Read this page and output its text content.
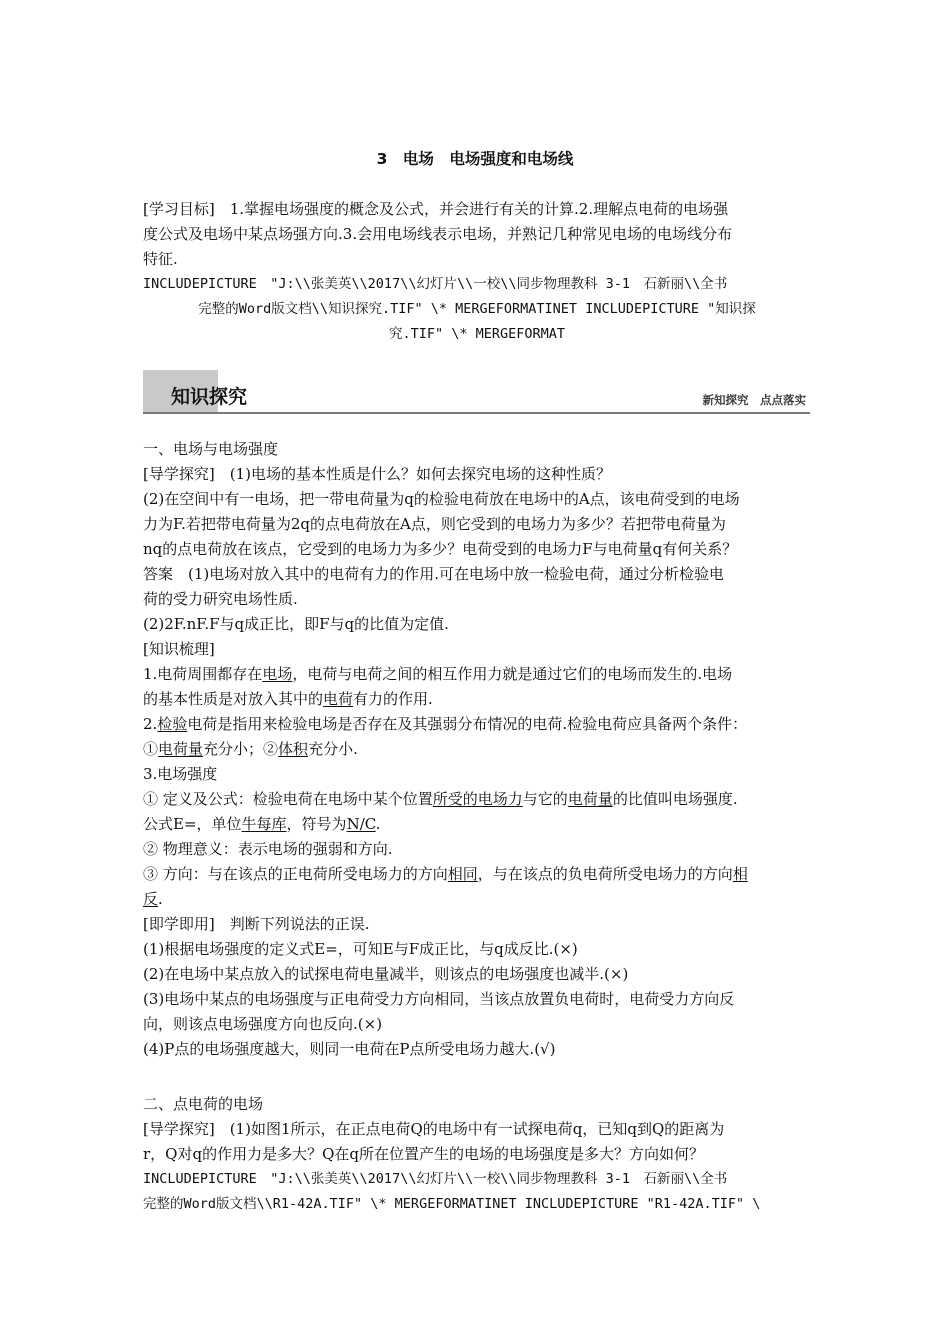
3　电场　电场强度和电场线
[学习目标]　1.掌握电场强度的概念及公式，并会进行有关的计算.2.理解点电荷的电场强
度公式及电场中某点场强方向.3.会用电场线表示电场，并熟记几种常见电场的电场线分布
特征.
INCLUDEPICTURE　"J:\\张美英\\2017\\幻灯片\\一校\\同步物理教科 3-1　石新丽\\全书
完整的Word版文档\\知识探究.TIF" \* MERGEFORMATINET INCLUDEPICTURE "知识探
究.TIF" \* MERGEFORMAT
知识探究	新知探究　点点落实
一、电场与电场强度
[导学探究]　(1)电场的基本性质是什么？如何去探究电场的这种性质？
(2)在空间中有一电场，把一带电荷量为q的检验电荷放在电场中的A点，该电荷受到的电场
力为F.若把带电荷量为2q的点电荷放在A点，则它受到的电场力为多少？若把带电荷量为
nq的点电荷放在该点，它受到的电场力为多少？电荷受到的电场力F与电荷量q有何关系？
答案　(1)电场对放入其中的电荷有力的作用.可在电场中放一检验电荷，通过分析检验电
荷的受力研究电场性质.
(2)2F.nF.F与q成正比，即F与q的比值为定值.
[知识梳理]
1.电荷周围都存在电场，电荷与电荷之间的相互作用力就是通过它们的电场而发生的.电场
的基本性质是对放入其中的电荷有力的作用.
2.检验电荷是指用来检验电场是否存在及其强弱分布情况的电荷.检验电荷应具备两个条件：
①电荷量充分小；②体积充分小.
3.电场强度
① 定义及公式：检验电荷在电场中某个位置所受的电场力与它的电荷量的比值叫电场强度.
公式E=，单位牛每库，符号为N/C.
② 物理意义：表示电场的强弱和方向.
③ 方向：与在该点的正电荷所受电场力的方向相同，与在该点的负电荷所受电场力的方向相
反.
[即学即用]　判断下列说法的正误.
(1)根据电场强度的定义式E=，可知E与F成正比，与q成反比.(×)
(2)在电场中某点放入的试探电荷电量减半，则该点的电场强度也减半.(×)
(3)电场中某点的电场强度与正电荷受力方向相同，当该点放置负电荷时，电荷受力方向反
向，则该点电场强度方向也反向.(×)
(4)P点的电场强度越大，则同一电荷在P点所受电场力越大.(√)
二、点电荷的电场
[导学探究]　(1)如图1所示，在正点电荷Q的电场中有一试探电荷q，已知q到Q的距离为
r，Q对q的作用力是多大？Q在q所在位置产生的电场的电场强度是多大？方向如何？
INCLUDEPICTURE　"J:\\张美英\\2017\\幻灯片\\一校\\同步物理教科 3-1　石新丽\\全书
完整的Word版文档\\R1-42A.TIF" \* MERGEFORMATINET INCLUDEPICTURE "R1-42A.TIF" \
